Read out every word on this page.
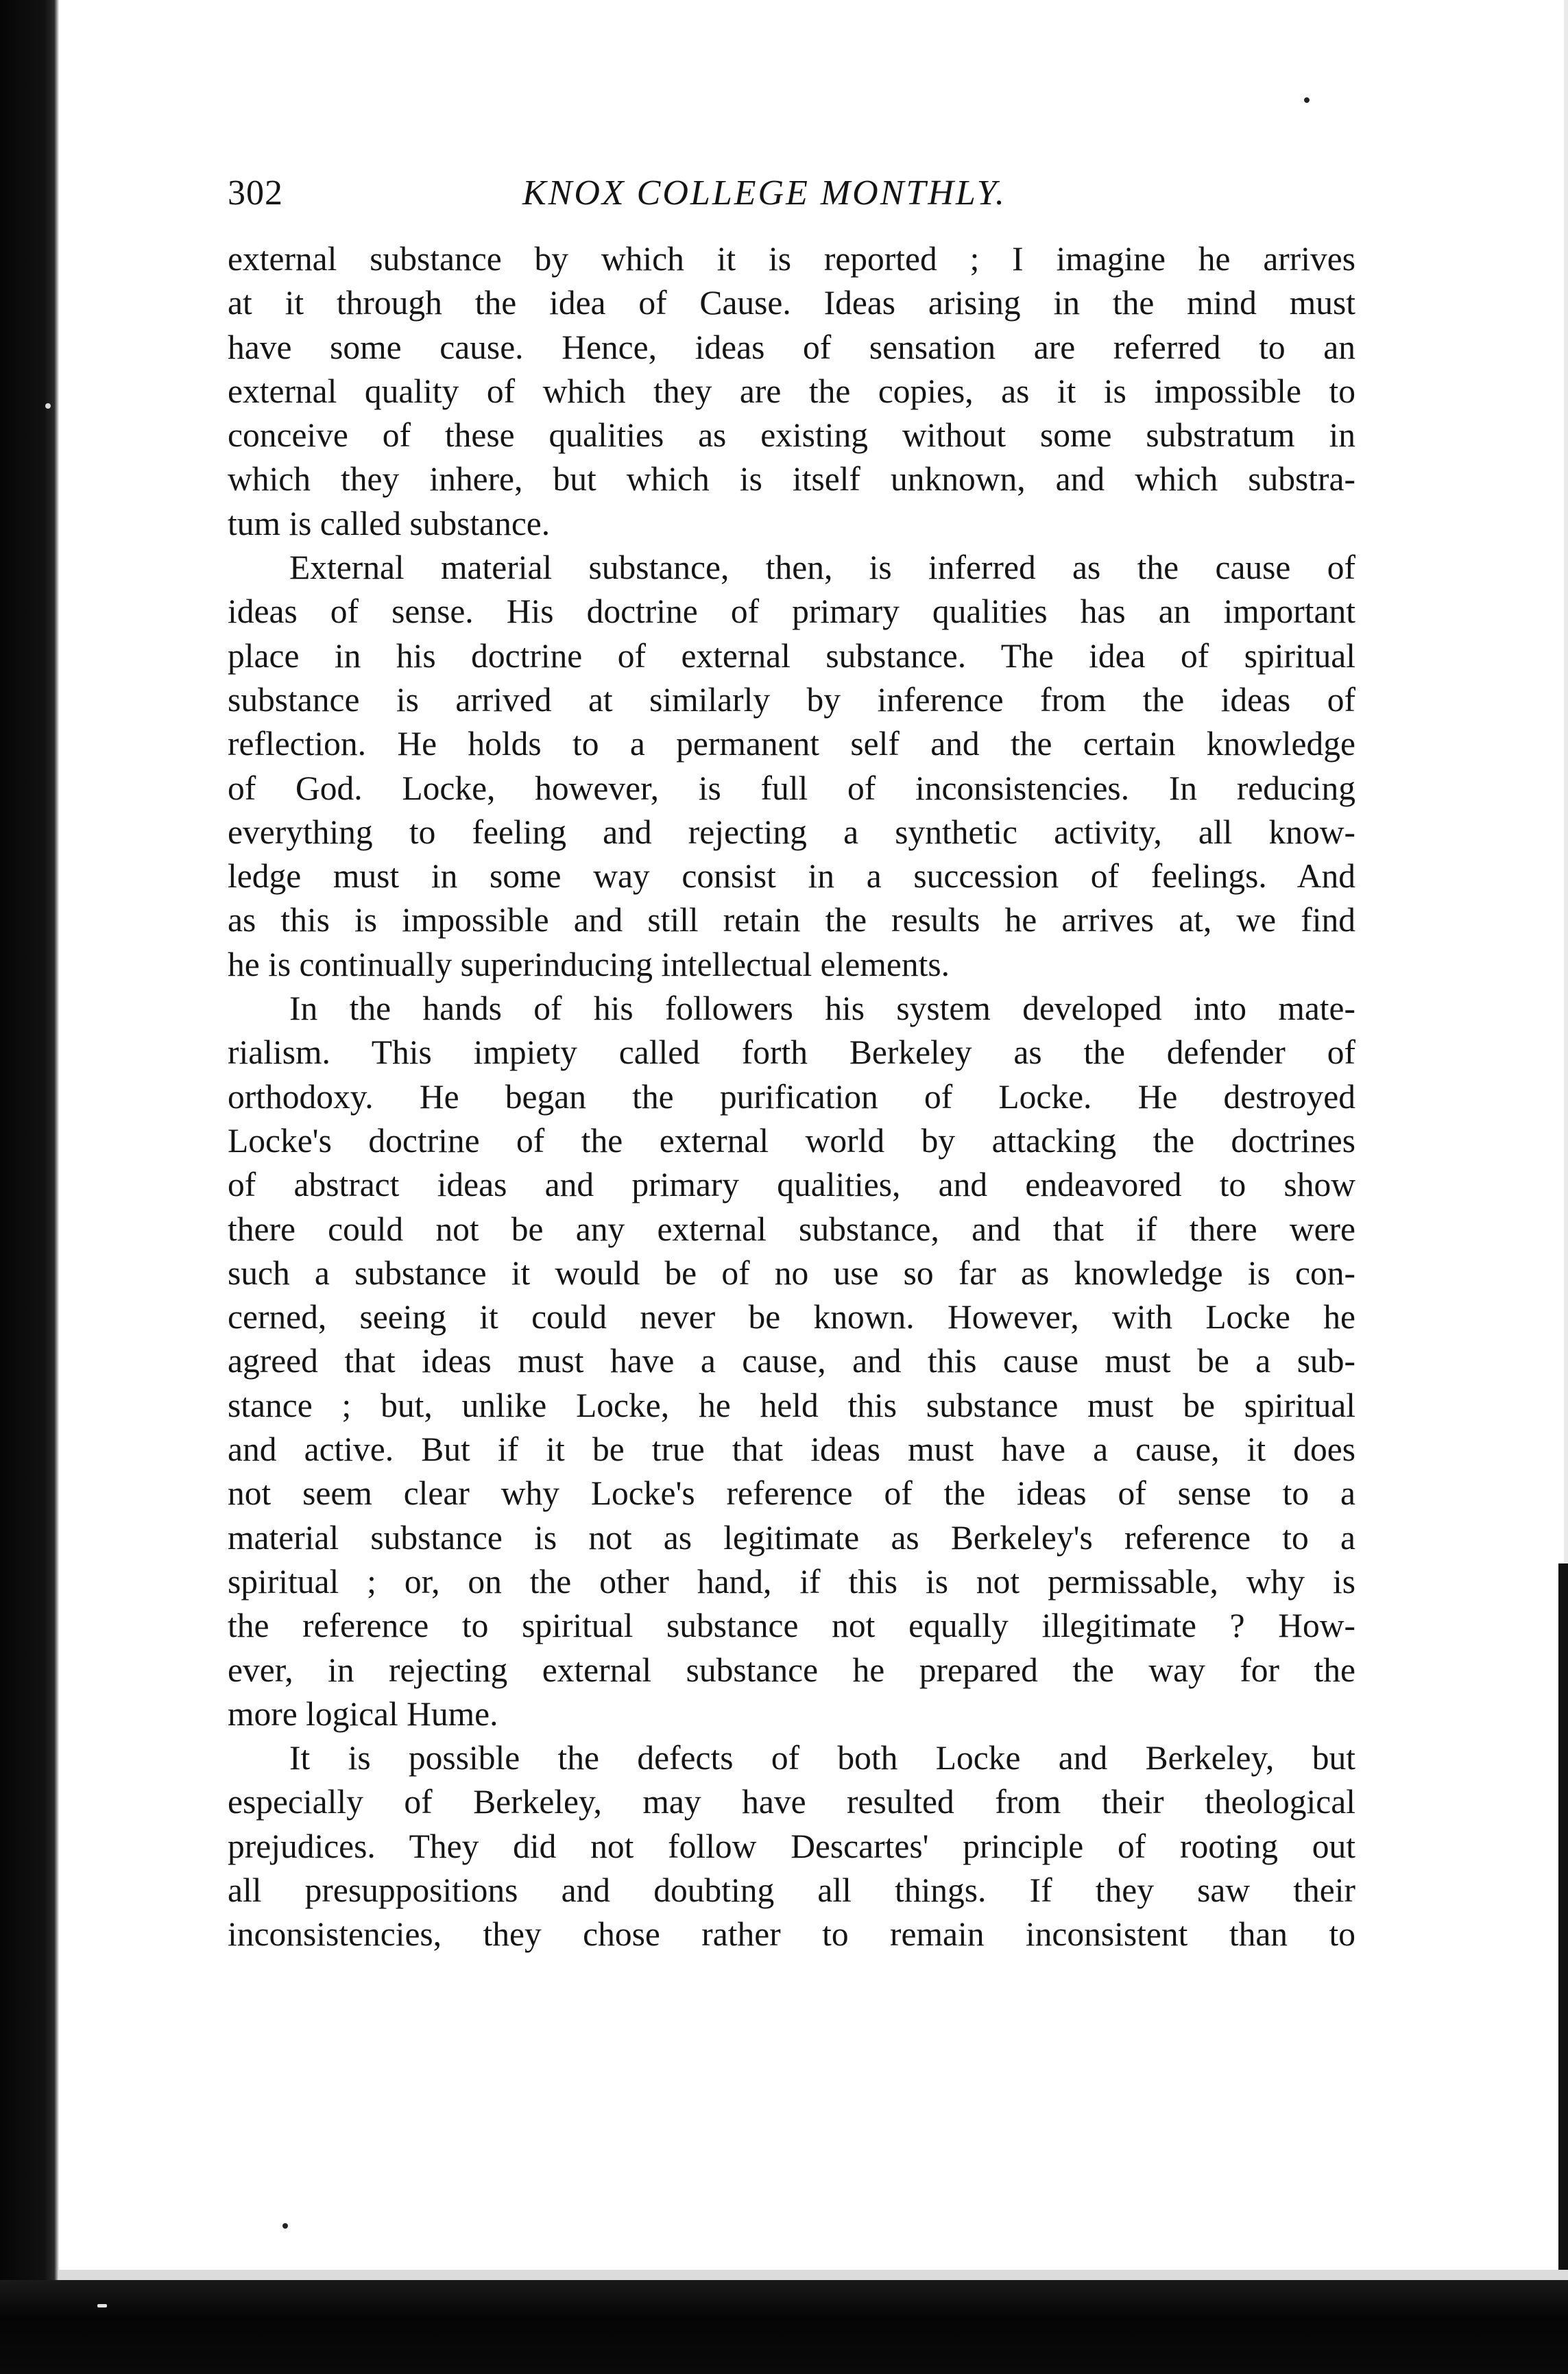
302	KNOX COLLEGE MONTHLY.
external substance by which it is reported ; I imagine he arrives
at it through the idea of Cause. Ideas arising in the mind must
have some cause. Hence, ideas of sensation are referred to an
external quality of which they are the copies, as it is impossible to
conceive of these qualities as existing without some substratum in
which they inhere, but which is itself unknown, and which substra-
tum is called substance.
External material substance, then, is inferred as the cause of
ideas of sense. His doctrine of primary qualities has an important
place in his doctrine of external substance. The idea of spiritual
substance is arrived at similarly by inference from the ideas of
reflection. He holds to a permanent self and the certain knowledge
of God. Locke, however, is full of inconsistencies. In reducing
everything to feeling and rejecting a synthetic activity, all know-
ledge must in some way consist in a succession of feelings. And
as this is impossible and still retain the results he arrives at, we find
he is continually superinducing intellectual elements.
In the hands of his followers his system developed into mate-
rialism. This impiety called forth Berkeley as the defender of
orthodoxy. He began the purification of Locke. He destroyed
Locke's doctrine of the external world by attacking the doctrines
of abstract ideas and primary qualities, and endeavored to show
there could not be any external substance, and that if there were
such a substance it would be of no use so far as knowledge is con-
cerned, seeing it could never be known. However, with Locke he
agreed that ideas must have a cause, and this cause must be a sub-
stance ; but, unlike Locke, he held this substance must be spiritual
and active. But if it be true that ideas must have a cause, it does
not seem clear why Locke's reference of the ideas of sense to a
material substance is not as legitimate as Berkeley's reference to a
spiritual ; or, on the other hand, if this is not permissable, why is
the reference to spiritual substance not equally illegitimate ? How-
ever, in rejecting external substance he prepared the way for the
more logical Hume.
It is possible the defects of both Locke and Berkeley, but
especially of Berkeley, may have resulted from their theological
prejudices. They did not follow Descartes' principle of rooting out
all presuppositions and doubting all things. If they saw their
inconsistencies, they chose rather to remain inconsistent than to
